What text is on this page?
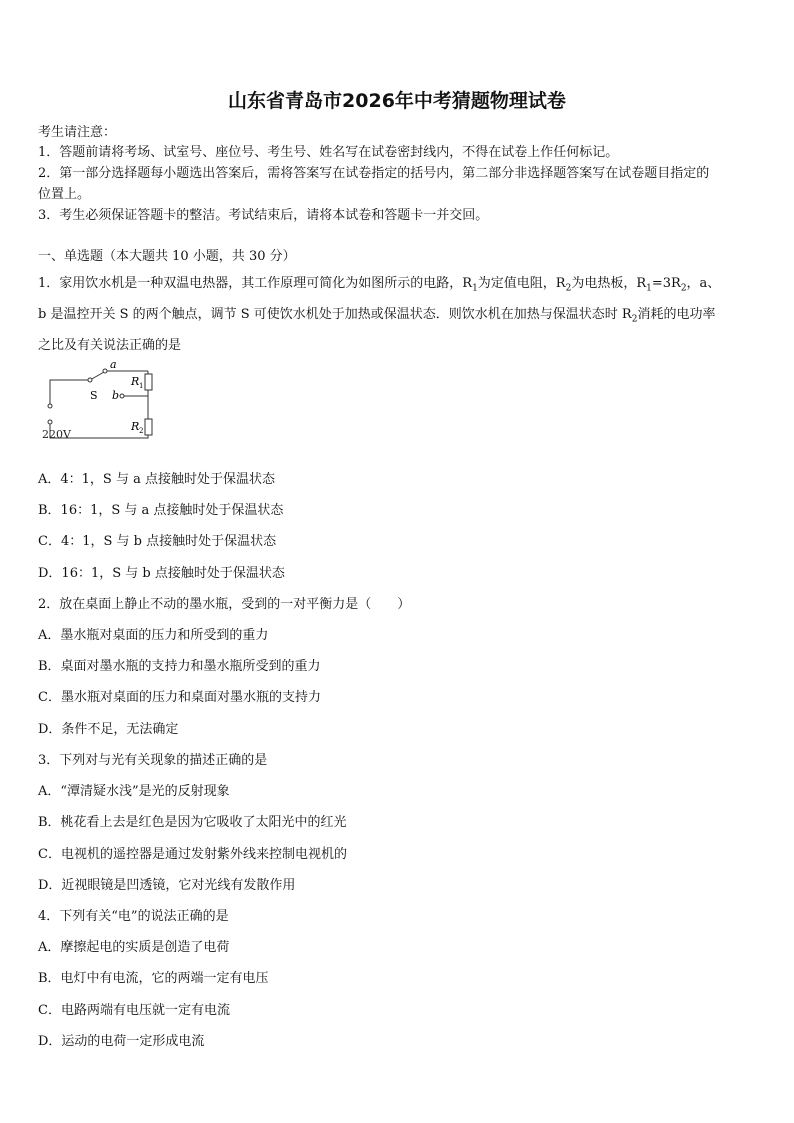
山东省青岛市2026年中考猜题物理试卷
考生请注意：
1．答题前请将考场、试室号、座位号、考生号、姓名写在试卷密封线内，不得在试卷上作任何标记。
2．第一部分选择题每小题选出答案后，需将答案写在试卷指定的括号内，第二部分非选择题答案写在试卷题目指定的
位置上。
3．考生必须保证答题卡的整洁。考试结束后，请将本试卷和答题卡一并交回。
一、单选题（本大题共 10 小题，共 30 分）
1．家用饮水机是一种双温电热器，其工作原理可简化为如图所示的电路，$R_1$为定值电阻，$R_2$为电热板，$R_1=3R_2$，a、
b 是温控开关 S 的两个触点，调节 S 可使饮水机处于加热或保温状态．则饮水机在加热与保温状态时 $R_2$消耗的电功率
之比及有关说法正确的是
a
S b
R 1
R 2
220V
A．4：1，S 与 a 点接触时处于保温状态
B．16：1，S 与 a 点接触时处于保温状态
C．4：1，S 与 b 点接触时处于保温状态
D．16：1，S 与 b 点接触时处于保温状态
2．放在桌面上静止不动的墨水瓶，受到的一对平衡力是（　　）
A．墨水瓶对桌面的压力和所受到的重力
B．桌面对墨水瓶的支持力和墨水瓶所受到的重力
C．墨水瓶对桌面的压力和桌面对墨水瓶的支持力
D．条件不足，无法确定
3．下列对与光有关现象的描述正确的是
A．“潭清疑水浅”是光的反射现象
B．桃花看上去是红色是因为它吸收了太阳光中的红光
C．电视机的遥控器是通过发射紫外线来控制电视机的
D．近视眼镜是凹透镜，它对光线有发散作用
4．下列有关“电”的说法正确的是
A．摩擦起电的实质是创造了电荷
B．电灯中有电流，它的两端一定有电压
C．电路两端有电压就一定有电流
D．运动的电荷一定形成电流
